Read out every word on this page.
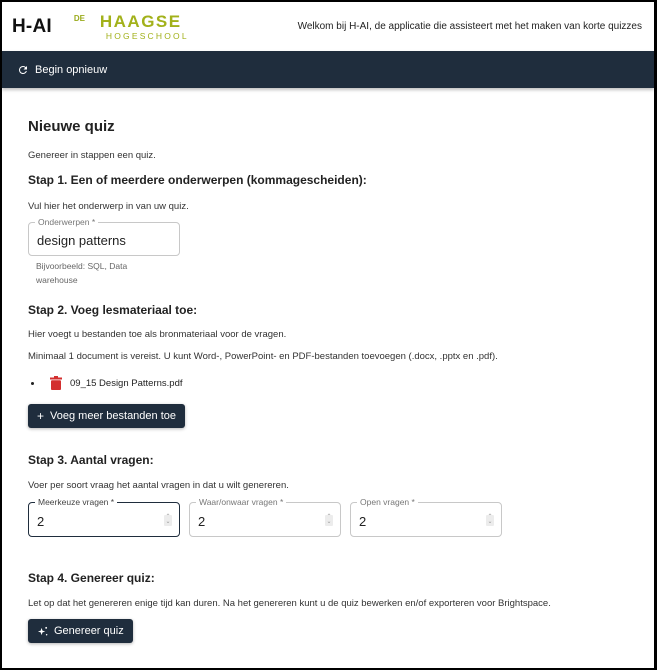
H-AI	DE HAAGSE
HOGESCHOOL
Welkom bij H-AI, de applicatie die assisteert met het maken van korte quizzes
Begin opnieuw
Nieuwe quiz

Genereer in stappen een quiz.

Stap 1. Een of meerdere onderwerpen (kommagescheiden):

Vul hier het onderwerp in van uw quiz.

Onderwerpen *
design patterns
Bijvoorbeeld: SQL, Data
warehouse
Stap 2. Voeg lesmateriaal toe:

Hier voegt u bestanden toe als bronmateriaal voor de vragen.

Minimaal 1 document is vereist. U kunt Word-, PowerPoint- en PDF-bestanden toevoegen (.docx, .pptx en .pdf).

09_15 Design Patterns.pdf
+ Voeg meer bestanden toe
Stap 3. Aantal vragen:

Voer per soort vraag het aantal vragen in dat u wilt genereren.

Meerkeuze vragen *
2	⌃
⌄
Waar/onwaar vragen *
2	⌃
⌄
Open vragen *
2	⌃
⌄
Stap 4. Genereer quiz:

Let op dat het genereren enige tijd kan duren. Na het genereren kunt u de quiz bewerken en/of exporteren voor Brightspace.

Genereer quiz
